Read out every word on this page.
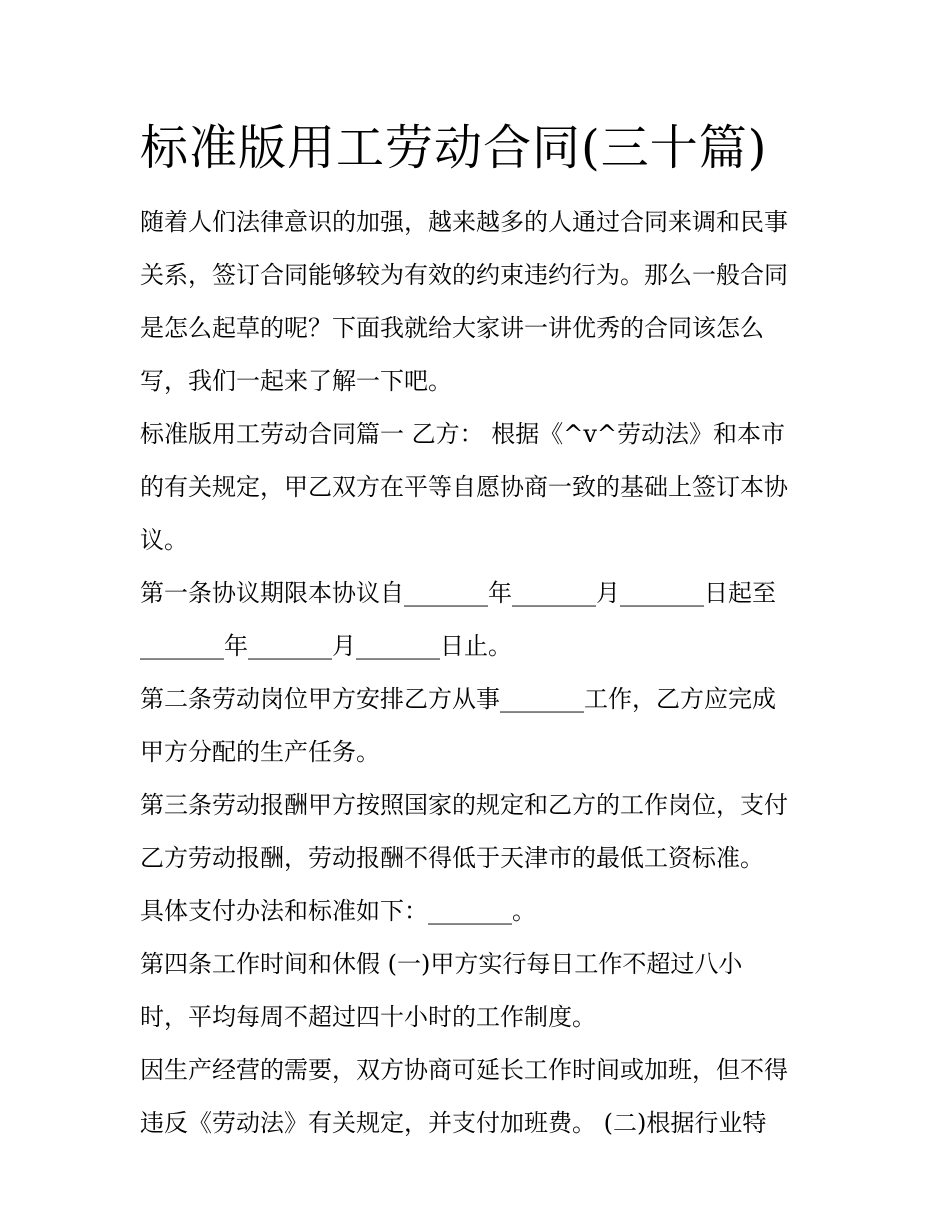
标准版用工劳动合同(三十篇)

随着人们法律意识的加强，越来越多的人通过合同来调和民事

关系，签订合同能够较为有效的约束违约行为。那么一般合同

是怎么起草的呢？下面我就给大家讲一讲优秀的合同该怎么

写，我们一起来了解一下吧。

标准版用工劳动合同篇一 乙方： 根据《^v^劳动法》和本市

的有关规定，甲乙双方在平等自愿协商一致的基础上签订本协

议。

第一条协议期限本协议自_______年_______月_______日起至

_______年_______月_______日止。

第二条劳动岗位甲方安排乙方从事_______工作，乙方应完成

甲方分配的生产任务。

第三条劳动报酬甲方按照国家的规定和乙方的工作岗位，支付

乙方劳动报酬，劳动报酬不得低于天津市的最低工资标准。

具体支付办法和标准如下：_______。

第四条工作时间和休假 (一)甲方实行每日工作不超过八小

时，平均每周不超过四十小时的工作制度。

因生产经营的需要，双方协商可延长工作时间或加班，但不得

违反《劳动法》有关规定，并支付加班费。 (二)根据行业特
